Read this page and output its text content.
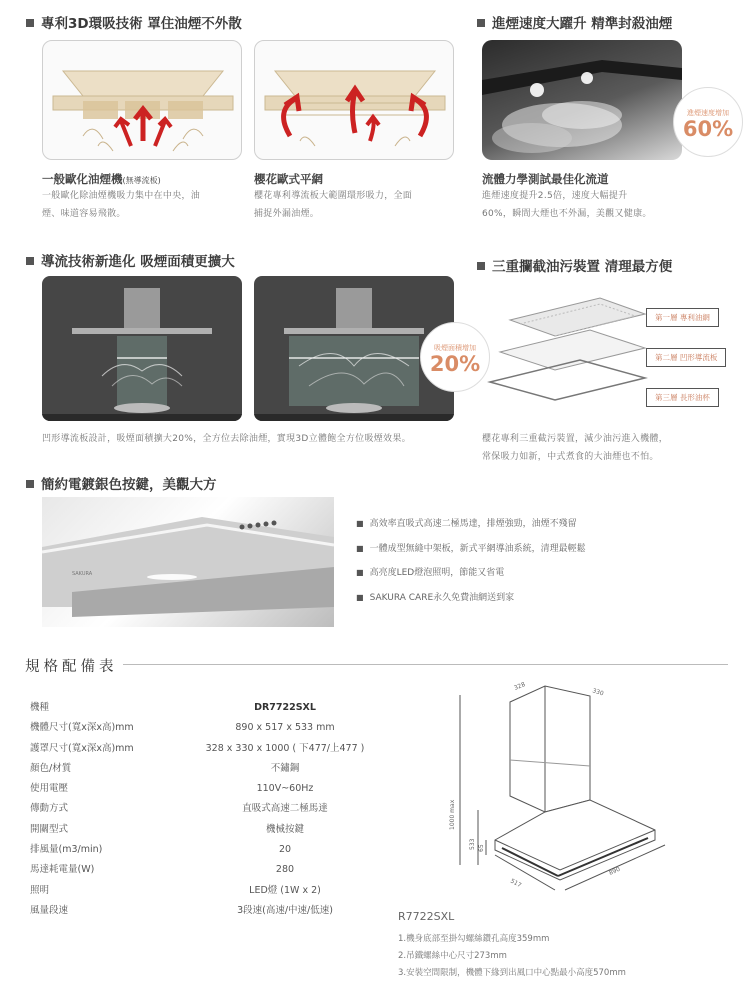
專利3D環吸技術 罩住油煙不外散
一般歐化油煙機(無導流板)
一般歐化除油煙機吸力集中在中央，油
煙、味道容易飛散。
櫻花歐式平網
櫻花專利導流板大範圍環形吸力，全面
捕捉外漏油煙。
進煙速度大躍升 精準封殺油煙
進煙速度增加
60%
流體力學測試最佳化流道
進煙速度提升2.5倍，速度大幅提升
60%，瞬間大煙也不外漏，美觀又健康。
導流技術新進化 吸煙面積更擴大
吸煙面積增加
20%
凹形導流板設計，吸煙面積擴大20%，全方位去除油煙，實現3D立體飽全方位吸煙效果。
三重攔截油污裝置 清理最方便
第一層 專利油網
第二層 凹形導流板
第三層 長形油杯
櫻花專利三重截污裝置，減少油污進入機體，
常保吸力如新，中式煮食的大油煙也不怕。
簡約電鍍銀色按鍵，美觀大方
SAKURA
■ 高效率直吸式高速二極馬達，排煙強勁，油煙不殘留
■ 一體成型無縫中架板，新式平網導油系統，清理最輕鬆
■ 高亮度LED燈泡照明，節能又省電
■ SAKURA CARE永久免費油網送到家
規格配備表
機種	DR7722SXL
機體尺寸(寬x深x高)mm	890 x 517 x 533 mm
護罩尺寸(寬x深x高)mm	328 x 330 x 1000 ( 下477/上477 )
顏色/材質	不鏽鋼
使用電壓	110V~60Hz
傳動方式	直吸式高速二極馬達
開關型式	機械按鍵
排風量(m3/min)	20
馬達耗電量(W)	280
照明	LED燈 (1W x 2)
風量段速	3段速(高速/中速/低速)
328
330
1000 max
533 65
517
890
R7722SXL
1.機身底部至掛勾螺絲鑽孔高度359mm
2.吊鐵螺絲中心尺寸273mm
3.安裝空間限制，機體下緣到出風口中心點最小高度570mm
